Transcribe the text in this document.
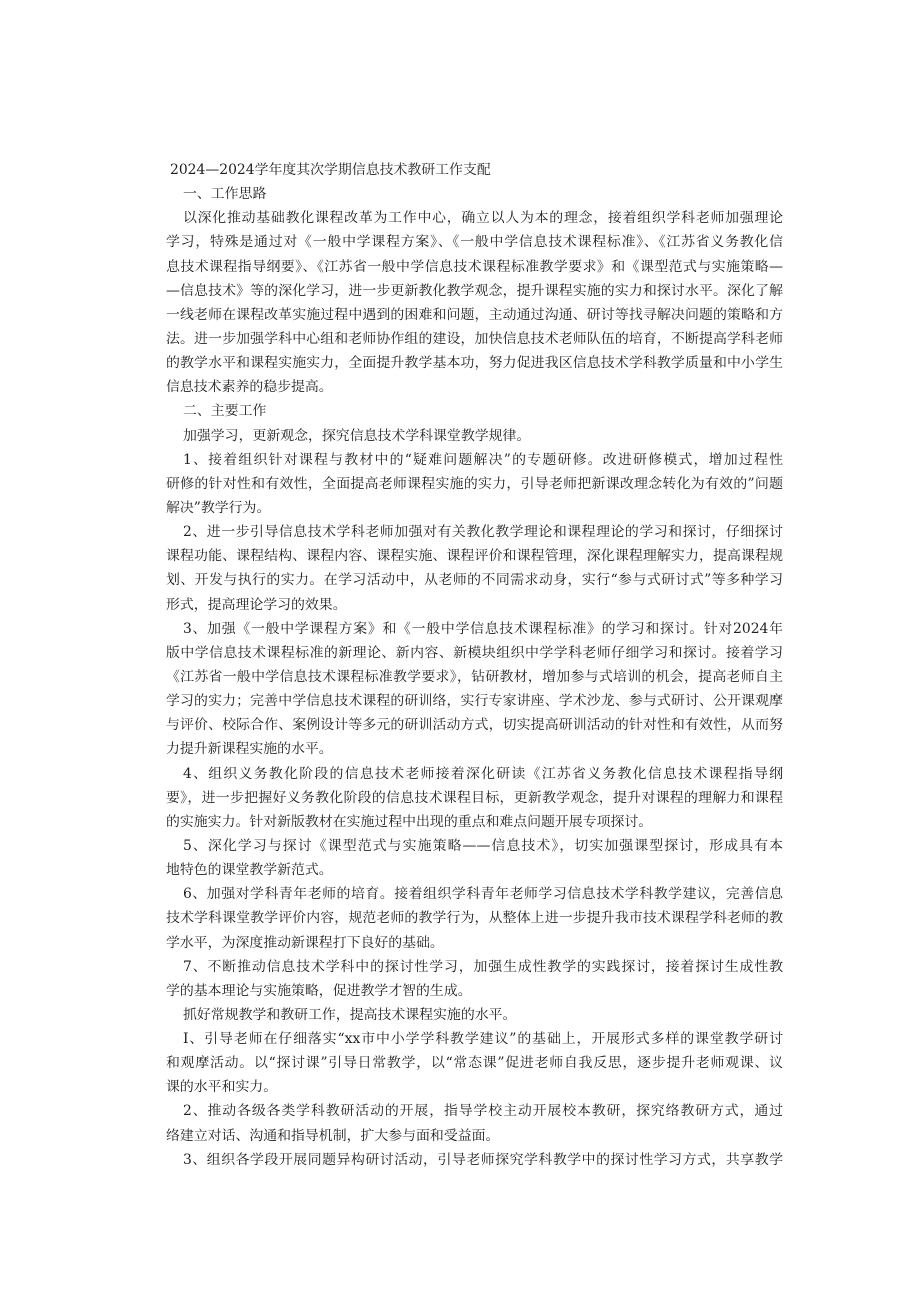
2024—2024学年度其次学期信息技术教研工作支配
一、工作思路
以深化推动基础教化课程改革为工作中心，确立以人为本的理念，接着组织学科老师加强理论
学习，特殊是通过对《一般中学课程方案》、《一般中学信息技术课程标准》、《江苏省义务教化信
息技术课程指导纲要》、《江苏省一般中学信息技术课程标准教学要求》和《课型范式与实施策略—
—信息技术》等的深化学习，进一步更新教化教学观念，提升课程实施的实力和探讨水平。深化了解
一线老师在课程改革实施过程中遇到的困难和问题，主动通过沟通、研讨等找寻解决问题的策略和方
法。进一步加强学科中心组和老师协作组的建设，加快信息技术老师队伍的培育，不断提高学科老师
的教学水平和课程实施实力，全面提升教学基本功，努力促进我区信息技术学科教学质量和中小学生
信息技术素养的稳步提高。
二、主要工作
加强学习，更新观念，探究信息技术学科课堂教学规律。
1、接着组织针对课程与教材中的“疑难问题解决”的专题研修。改进研修模式，增加过程性
研修的针对性和有效性，全面提高老师课程实施的实力，引导老师把新课改理念转化为有效的”问题
解决”教学行为。
2、进一步引导信息技术学科老师加强对有关教化教学理论和课程理论的学习和探讨，仔细探讨
课程功能、课程结构、课程内容、课程实施、课程评价和课程管理，深化课程理解实力，提高课程规
划、开发与执行的实力。在学习活动中，从老师的不同需求动身，实行“参与式研讨式”等多种学习
形式，提高理论学习的效果。
3、加强《一般中学课程方案》和《一般中学信息技术课程标准》的学习和探讨。针对2024年
版中学信息技术课程标准的新理论、新内容、新模块组织中学学科老师仔细学习和探讨。接着学习
《江苏省一般中学信息技术课程标准教学要求》，钻研教材，增加参与式培训的机会，提高老师自主
学习的实力；完善中学信息技术课程的研训络，实行专家讲座、学术沙龙、参与式研讨、公开课观摩
与评价、校际合作、案例设计等多元的研训活动方式，切实提高研训活动的针对性和有效性，从而努
力提升新课程实施的水平。
4、组织义务教化阶段的信息技术老师接着深化研读《江苏省义务教化信息技术课程指导纲
要》，进一步把握好义务教化阶段的信息技术课程目标，更新教学观念，提升对课程的理解力和课程
的实施实力。针对新版教材在实施过程中出现的重点和难点问题开展专项探讨。
5、深化学习与探讨《课型范式与实施策略——信息技术》，切实加强课型探讨，形成具有本
地特色的课堂教学新范式。
6、加强对学科青年老师的培育。接着组织学科青年老师学习信息技术学科教学建议，完善信息
技术学科课堂教学评价内容，规范老师的教学行为，从整体上进一步提升我市技术课程学科老师的教
学水平，为深度推动新课程打下良好的基础。
7、不断推动信息技术学科中的探讨性学习，加强生成性教学的实践探讨，接着探讨生成性教
学的基本理论与实施策略，促进教学才智的生成。
抓好常规教学和教研工作，提高技术课程实施的水平。
I、引导老师在仔细落实“xx市中小学学科教学建议”的基础上，开展形式多样的课堂教学研讨
和观摩活动。以“探讨课”引导日常教学，以“常态课”促进老师自我反思，逐步提升老师观课、议
课的水平和实力。
2、推动各级各类学科教研活动的开展，指导学校主动开展校本教研，探究络教研方式，通过
络建立对话、沟通和指导机制，扩大参与面和受益面。
3、组织各学段开展同题异构研讨活动，引导老师探究学科教学中的探讨性学习方式，共享教学
